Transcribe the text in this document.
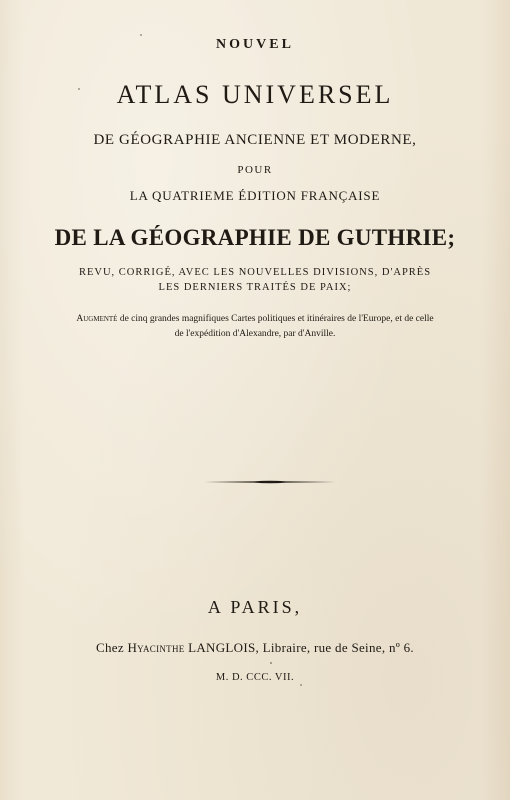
NOUVEL
ATLAS UNIVERSEL
DE GÉOGRAPHIE ANCIENNE ET MODERNE,
POUR
LA QUATRIEME ÉDITION FRANÇAISE
DE LA GÉOGRAPHIE DE GUTHRIE;
REVU, CORRIGÉ, AVEC LES NOUVELLES DIVISIONS, D'APRÈS
LES DERNIERS TRAITÉS DE PAIX;
Augmenté de cinq grandes magnifiques Cartes politiques et itinéraires de l'Europe, et de celle
de l'expédition d'Alexandre, par d'Anville.
A PARIS,
Chez Hyacinthe LANGLOIS, Libraire, rue de Seine, nº 6.
M. D. CCC. VII.
